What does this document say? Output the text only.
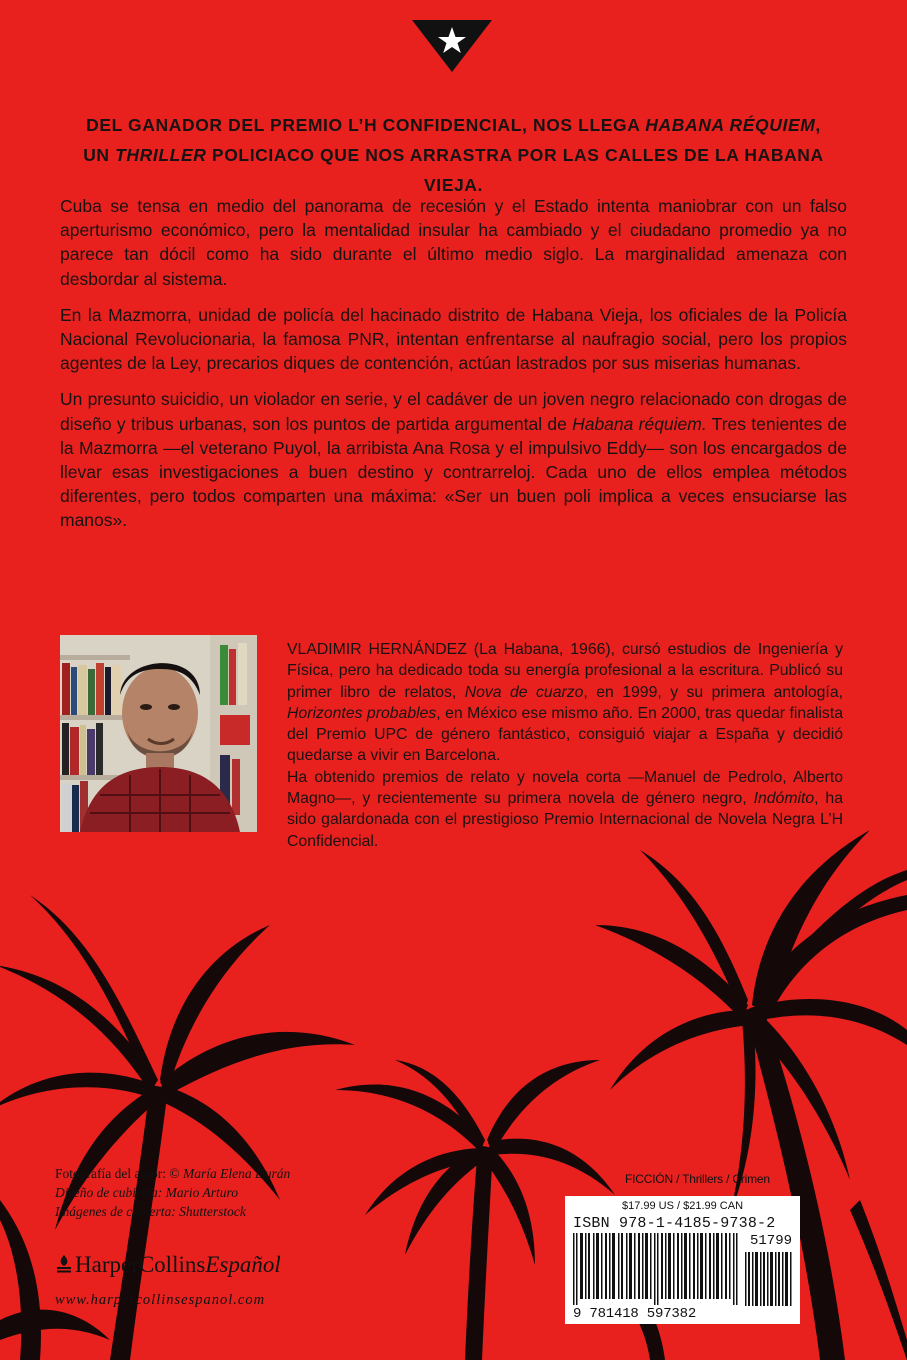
DEL GANADOR DEL PREMIO L’H CONFIDENCIAL, NOS LLEGA HABANA RÉQUIEM,
UN THRILLER POLICIACO QUE NOS ARRASTRA POR LAS CALLES DE LA HABANA VIEJA.

Cuba se tensa en medio del panorama de recesión y el Estado intenta maniobrar con un falso aperturismo económico, pero la mentalidad insular ha cambiado y el ciudadano promedio ya no parece tan dócil como ha sido durante el último medio siglo. La marginalidad amenaza con desbordar al sistema.

En la Mazmorra, unidad de policía del hacinado distrito de Habana Vieja, los oficiales de la Policía Nacional Revolucionaria, la famosa PNR, intentan enfrentarse al naufragio social, pero los propios agentes de la Ley, precarios diques de contención, actúan lastrados por sus miserias humanas.

Un presunto suicidio, un violador en serie, y el cadáver de un joven negro relacionado con drogas de diseño y tribus urbanas, son los puntos de partida argumental de Habana réquiem. Tres tenientes de la Mazmorra —el veterano Puyol, la arribista Ana Rosa y el impulsivo Eddy— son los encargados de llevar esas investigaciones a buen destino y contrarreloj. Cada uno de ellos emplea métodos diferentes, pero todos comparten una máxima: «Ser un buen poli implica a veces ensuciarse las manos».

VLADIMIR HERNÁNDEZ (La Habana, 1966), cursó estudios de Ingeniería y Física, pero ha dedicado toda su energía profesional a la escritura. Publicó su primer libro de relatos, Nova de cuarzo, en 1999, y su primera antología, Horizontes probables, en México ese mismo año. En 2000, tras quedar finalista del Premio UPC de género fantástico, consiguió viajar a España y decidió quedarse a vivir en Barcelona.

Ha obtenido premios de relato y novela corta —Manuel de Pedrolo, Alberto Magno—, y recientemente su primera novela de género negro, Indómito, ha sido galardonada con el prestigioso Premio Internacional de Novela Negra L’H Confidencial.

Fotografía del autor: © María Elena Durán
Diseño de cubierta: Mario Arturo
Imágenes de cubierta: Shutterstock
HarperCollinsEspañol
www.harpercollinsespanol.com
FICCIÓN / Thrillers / Crimen
$17.99 US / $21.99 CAN
ISBN 978-1-4185-9738-2
51799
9 781418 597382
